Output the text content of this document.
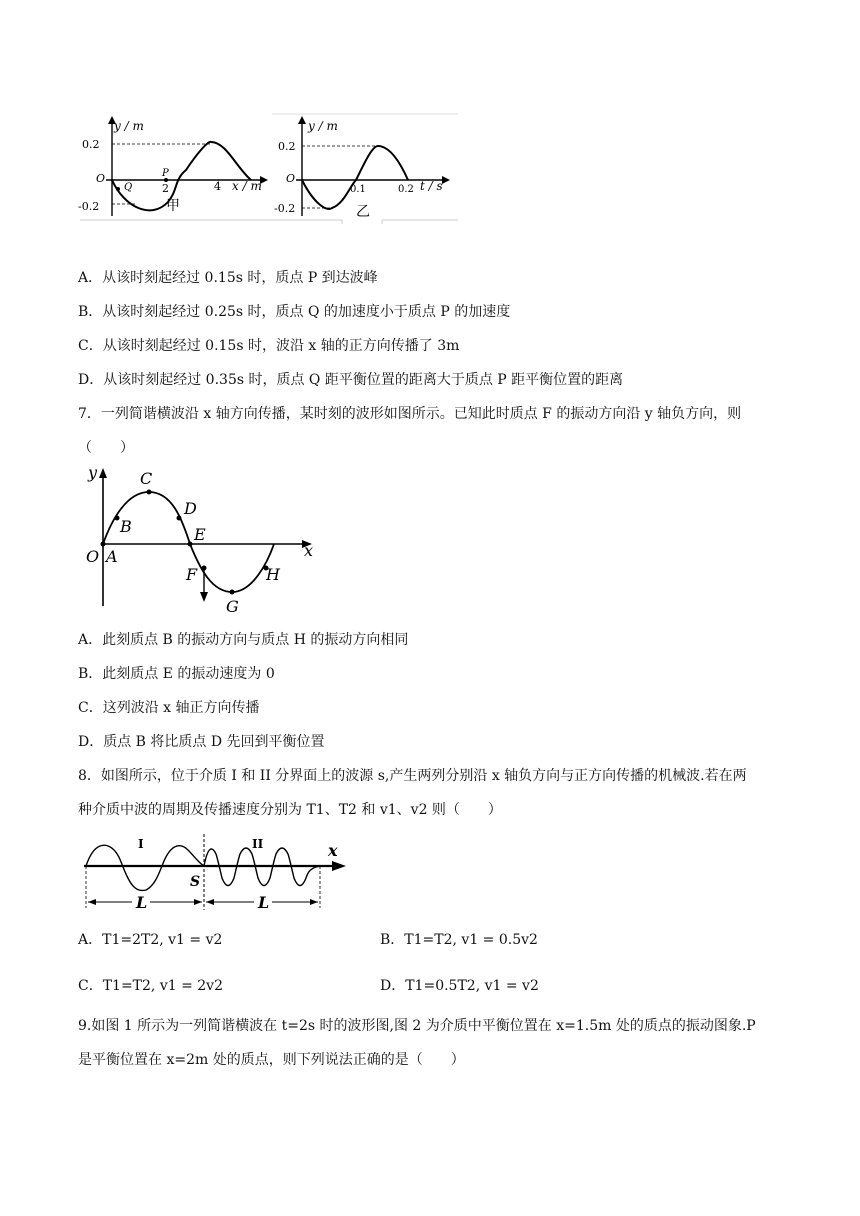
y / m
0.2
-0.2
O
Q
P
2	4 x / m
甲
y / m
0.2
-0.2
O
0.1	0.2 t / s
乙
A．从该时刻起经过 0.15s 时，质点 P 到达波峰
B．从该时刻起经过 0.25s 时，质点 Q 的加速度小于质点 P 的加速度
C．从该时刻起经过 0.15s 时，波沿 x 轴的正方向传播了 3m
D．从该时刻起经过 0.35s 时，质点 Q 距平衡位置的距离大于质点 P 距平衡位置的距离
7．一列简谐横波沿 x 轴方向传播，某时刻的波形如图所示。已知此时质点 F 的振动方向沿 y 轴负方向，则
（　　）
y
x
O A
B
C
D
E
F
G
H
A．此刻质点 B 的振动方向与质点 H 的振动方向相同
B．此刻质点 E 的振动速度为 0
C．这列波沿 x 轴正方向传播
D．质点 B 将比质点 D 先回到平衡位置
8．如图所示，位于介质 I 和 II 分界面上的波源 s,产生两列分别沿 x 轴负方向与正方向传播的机械波.若在两
种介质中波的周期及传播速度分别为 T1、T2 和 v1、v2 则（　　）
I	II
S
x
L	L
A．T1=2T2, v1 = v2	B．T1=T2, v1 = 0.5v2
C．T1=T2, v1 = 2v2	D．T1=0.5T2, v1 = v2
9.如图 1 所示为一列简谐横波在 t=2s 时的波形图,图 2 为介质中平衡位置在 x=1.5m 处的质点的振动图象.P
是平衡位置在 x=2m 处的质点，则下列说法正确的是（　　）
